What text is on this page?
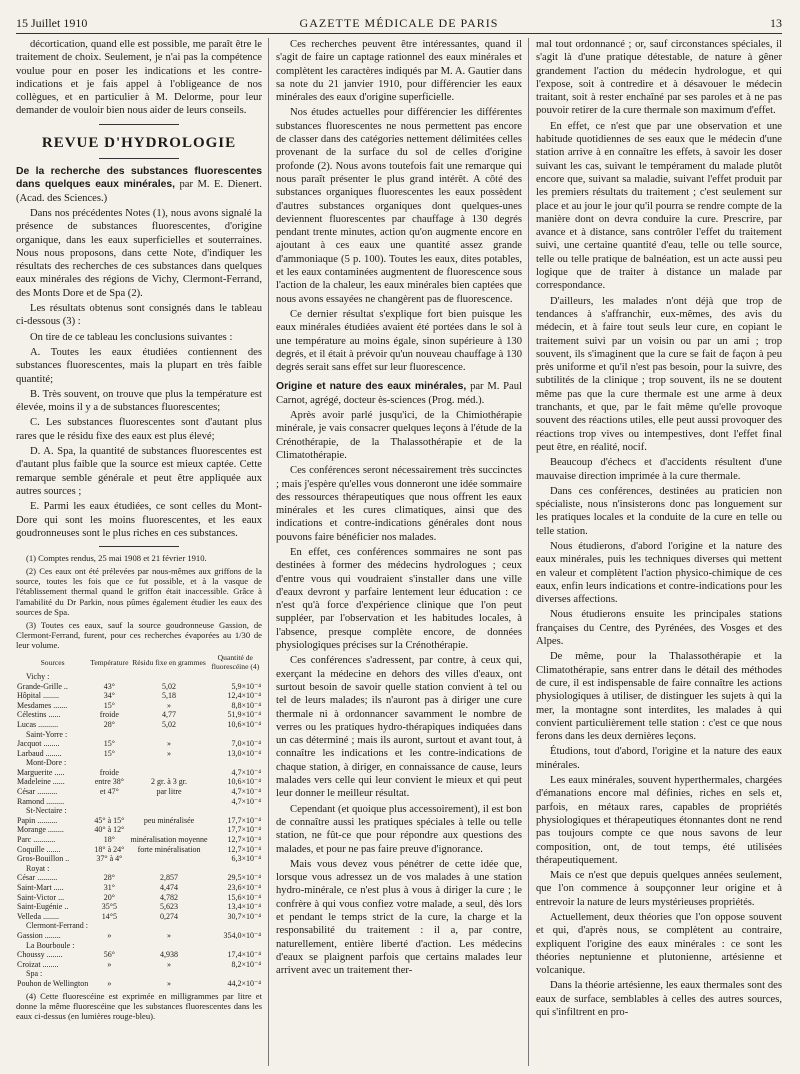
15 Juillet 1910	GAZETTE MÉDICALE DE PARIS	13

décortication, quand elle est possible, me paraît être le traitement de choix. Seulement, je n'ai pas la compétence voulue pour en poser les indications et les contre-indications et je fais appel à l'obligeance de nos collègues, et en particulier à M. Delorme, pour leur demander de vouloir bien nous aider de leurs conseils.

REVUE D'HYDROLOGIE

De la recherche des substances fluorescentes dans quelques eaux minérales, par M. E. Dienert. (Acad. des Sciences.)

Dans nos précédentes Notes (1), nous avons signalé la présence de substances fluorescentes, d'origine organique, dans les eaux superficielles et souterraines. Nous nous proposons, dans cette Note, d'indiquer les résultats des recherches de ces substances dans quelques eaux minérales des régions de Vichy, Clermont-Ferrand, des Monts Dore et de Spa (2).

Les résultats obtenus sont consignés dans le tableau ci-dessous (3) :

On tire de ce tableau les conclusions suivantes :

A. Toutes les eaux étudiées contiennent des substances fluorescentes, mais la plupart en très faible quantité;

B. Très souvent, on trouve que plus la température est élevée, moins il y a de substances fluorescentes;

C. Les substances fluorescentes sont d'autant plus rares que le résidu fixe des eaux est plus élevé;

D. A. Spa, la quantité de substances fluorescentes est d'autant plus faible que la source est mieux captée. Cette remarque semble générale et peut être appliquée aux autres sources ;

E. Parmi les eaux étudiées, ce sont celles du Mont-Dore qui sont les moins fluorescentes, et les eaux goudronneuses sont le plus riches en ces substances.

(1) Comptes rendus, 25 mai 1908 et 21 février 1910.

(2) Ces eaux ont été prélevées par nous-mêmes aux griffons de la source, toutes les fois que ce fut possible, et à la vasque de l'établissement thermal quand le griffon était inaccessible. Grâce à l'amabilité du Dr Parkin, nous pûmes également étudier les eaux des sources de Spa.

(3) Toutes ces eaux, sauf la source goudronneuse Gassion, de Clermont-Ferrand, furent, pour ces recherches évaporées au 1/30 de leur volume.

Sources	Température	Résidu fixe en grammes	Quantité de fluorescéine (4)
Vichy :			
Grande-Grille ..	43°	5,02	5,9×10⁻⁴
Hôpital ........	34°	5,18	12,4×10⁻⁴
Mesdames .......	15°	»	8,8×10⁻⁴
Célestins ......	froide	4,77	51,9×10⁻⁴
Lucas ..........	28°	5,02	10,6×10⁻⁴
Saint-Yorre :			
Jacquot ........	15°	»	7,0×10⁻⁴
Larbaud ........	15°	»	13,0×10⁻⁴
Mont-Dore :			
Marguerite .....	froide		4,7×10⁻⁴
Madeleine ......	entre 38°	2 gr. à 3 gr.	10,6×10⁻⁴
César ..........	et 47°	par litre	4,7×10⁻⁴
Ramond .........			4,7×10⁻⁴
St-Nectaire :			
Papin ..........	45° à 15°	peu minéralisée	17,7×10⁻⁴
Morange ........	40° à 12°		17,7×10⁻⁴
Parc ...........	18°	minéralisation moyenne	12,7×10⁻⁴
Coquille .......	18° à 24°	forte minéralisation	12,7×10⁻⁴
Gros-Bouillon ..	37° à 4°		6,3×10⁻⁴
Royat :			
César ..........	28°	2,857	29,5×10⁻⁴
Saint-Mart .....	31°	4,474	23,6×10⁻⁴
Saint-Victor ...	20°	4,782	15,6×10⁻⁴
Saint-Eugénie ..	35°5	5,623	13,4×10⁻⁴
Velleda ........	14°5	0,274	30,7×10⁻⁴
Clermont-Ferrand :			
Gassion ........	»	»	354,0×10⁻⁴
La Bourboule :			
Choussy ........	56°	4,938	17,4×10⁻⁴
Croizat ........	»	»	8,2×10⁻⁴
Spa :			
Pouhon de Wellington	»	»	44,2×10⁻⁴

(4) Cette fluorescéine est exprimée en milligrammes par litre et donne la même fluorescéine que les substances fluorescentes dans les eaux ci-dessus (en lumières rouge-bleu).

Ces recherches peuvent être intéressantes, quand il s'agit de faire un captage rationnel des eaux minérales et complètent les caractères indiqués par M. A. Gautier dans sa note du 21 janvier 1910, pour différencier les eaux minérales des eaux d'origine superficielle.

Nos études actuelles pour différencier les différentes substances fluorescentes ne nous permettent pas encore de classer dans des catégories nettement délimitées celles provenant de la surface du sol de celles d'origine profonde (2). Nous avons toutefois fait une remarque qui nous paraît présenter le plus grand intérêt. A côté des substances organiques fluorescentes les eaux possèdent d'autres substances organiques dont quelques-unes deviennent fluorescentes par chauffage à 130 degrés pendant trente minutes, action qu'on augmente encore en ajoutant à ces eaux une quantité assez grande d'ammoniaque (5 p. 100). Toutes les eaux, dites potables, et les eaux contaminées augmentent de fluorescence sous l'action de la chaleur, les eaux minérales bien captées que nous avons essayées ne changèrent pas de fluorescence.

Ce dernier résultat s'explique fort bien puisque les eaux minérales étudiées avaient été portées dans le sol à une température au moins égale, sinon supérieure à 130 degrés, et il était à prévoir qu'un nouveau chauffage à 130 degrés serait sans effet sur leur fluorescence.

Origine et nature des eaux minérales, par M. Paul Carnot, agrégé, docteur ès-sciences (Prog. méd.).

Après avoir parlé jusqu'ici, de la Chimiothérapie minérale, je vais consacrer quelques leçons à l'étude de la Crénothérapie, de la Thalassothérapie et de la Climatothérapie.

Ces conférences seront nécessairement très succinctes ; mais j'espère qu'elles vous donneront une idée sommaire des ressources thérapeutiques que nous offrent les eaux minérales et les cures climatiques, ainsi que des indications et contre-indications générales dont nous pouvons faire bénéficier nos malades.

En effet, ces conférences sommaires ne sont pas destinées à former des médecins hydrologues ; ceux d'entre vous qui voudraient s'installer dans une ville d'eaux devront y parfaire lentement leur éducation : ce n'est qu'à force d'expérience clinique que l'on peut suppléer, par l'observation et les habitudes locales, à l'absence, presque complète encore, de données physiologiques précises sur la Crénothérapie.

Ces conférences s'adressent, par contre, à ceux qui, exerçant la médecine en dehors des villes d'eaux, ont surtout besoin de savoir quelle station convient à tel ou tel de leurs malades; ils n'auront pas à diriger une cure thermale ni à ordonnancer savamment le nombre de verres ou les pratiques hydro-thérapiques indiquées dans un cas déterminé ; mais ils auront, surtout et avant tout, à connaître les indications et les contre-indications de chaque station, à diriger, en connaissance de cause, leurs malades vers celle qui leur convient le mieux et qui peut leur donner le meilleur résultat.

Cependant (et quoique plus accessoirement), il est bon de connaître aussi les pratiques spéciales à telle ou telle station, ne fût-ce que pour répondre aux questions des malades, et pour ne pas faire preuve d'ignorance.

Mais vous devez vous pénétrer de cette idée que, lorsque vous adressez un de vos malades à une station hydro-minérale, ce n'est plus à vous à diriger la cure ; le confrère à qui vous confiez votre malade, a seul, dès lors et pendant le temps strict de la cure, la charge et la responsabilité du traitement : il a, par contre, naturellement, entière liberté d'action. Les médecins d'eaux se plaignent parfois que certains malades leur arrivent avec un traitement ther-

mal tout ordonnancé ; or, sauf circonstances spéciales, il s'agit là d'une pratique détestable, de nature à gêner grandement l'action du médecin hydrologue, et qui l'expose, soit à contredire et à désavouer le médecin traitant, soit à rester enchaîné par ses paroles et à ne pas pouvoir retirer de la cure thermale son maximum d'effet.

En effet, ce n'est que par une observation et une habitude quotidiennes de ses eaux que le médecin d'une station arrive à en connaître les effets, à savoir les doser suivant les cas, suivant le tempérament du malade plutôt encore que, suivant sa maladie, suivant l'effet produit par les premiers résultats du traitement ; c'est seulement sur place et au jour le jour qu'il pourra se rendre compte de la manière dont on devra conduire la cure. Prescrire, par avance et à distance, sans contrôler l'effet du traitement suivi, une certaine quantité d'eau, telle ou telle source, telle ou telle pratique de balnéation, est un acte aussi peu logique que de traiter à distance un malade par correspondance.

D'ailleurs, les malades n'ont déjà que trop de tendances à s'affranchir, eux-mêmes, des avis du médecin, et à faire tout seuls leur cure, en copiant le traitement suivi par un voisin ou par un ami ; trop souvent, ils s'imaginent que la cure se fait de façon à peu près uniforme et qu'il n'est pas besoin, pour la suivre, des subtilités de la clinique ; trop souvent, ils ne se doutent même pas que la cure thermale est une arme à deux tranchants, et que, par le fait même qu'elle provoque souvent des réactions utiles, elle peut aussi provoquer des réactions trop vives ou intempestives, dont l'effet final peut être, en réalité, nocif.

Beaucoup d'échecs et d'accidents résultent d'une mauvaise direction imprimée à la cure thermale.

Dans ces conférences, destinées au praticien non spécialiste, nous n'insisterons donc pas longuement sur les pratiques locales et la conduite de la cure en telle ou telle station.

Nous étudierons, d'abord l'origine et la nature des eaux minérales, puis les techniques diverses qui mettent en valeur et complètent l'action physico-chimique de ces eaux, enfin leurs indications et contre-indications pour les diverses affections.

Nous étudierons ensuite les principales stations françaises du Centre, des Pyrénées, des Vosges et des Alpes.

De même, pour la Thalassothérapie et la Climatothérapie, sans entrer dans le détail des méthodes de cure, il est indispensable de faire connaître les actions physiologiques à utiliser, de distinguer les sujets à qui la mer, la montagne sont interdites, les malades à qui convient particulièrement telle station : c'est ce que nous ferons dans les deux dernières leçons.

Étudions, tout d'abord, l'origine et la nature des eaux minérales.

Les eaux minérales, souvent hyperthermales, chargées d'émanations encore mal définies, riches en sels et, parfois, en métaux rares, capables de propriétés physiologiques et thérapeutiques étonnantes dont ne rend pas toujours compte ce que nous savons de leur composition, ont, de tout temps, été utilisées thérapeutiquement.

Mais ce n'est que depuis quelques années seulement, que l'on commence à soupçonner leur origine et à entrevoir la nature de leurs mystérieuses propriétés.

Actuellement, deux théories que l'on oppose souvent et qui, d'après nous, se complètent au contraire, expliquent l'origine des eaux minérales : ce sont les théories neptunienne et plutonienne, artésienne et volcanique.

Dans la théorie artésienne, les eaux thermales sont des eaux de surface, semblables à celles des autres sources, qui s'infiltrent en pro-
